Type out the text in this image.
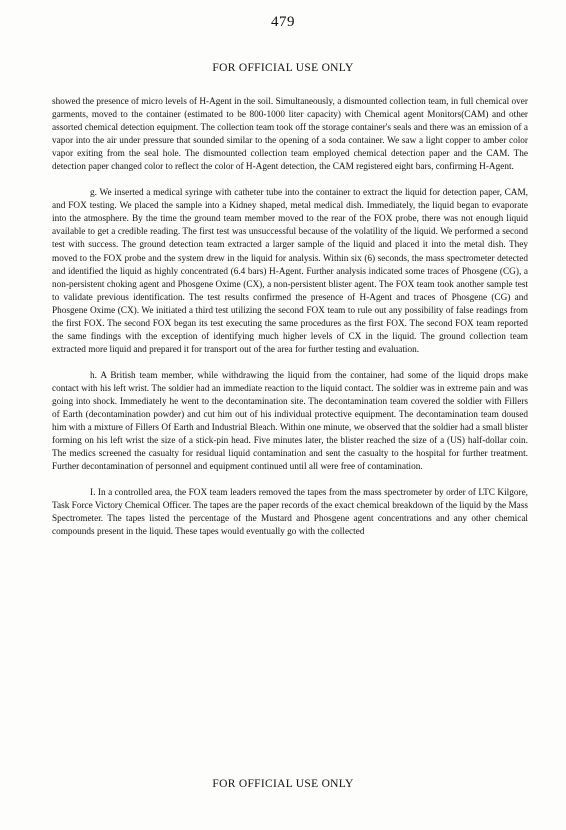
479
FOR OFFICIAL USE ONLY

showed the presence of micro levels of H-Agent in the soil. Simultaneously, a dismounted collection team, in full chemical over garments, moved to the container (estimated to be 800-1000 liter capacity) with Chemical agent Monitors(CAM) and other assorted chemical detection equipment. The collection team took off the storage container's seals and there was an emission of a vapor into the air under pressure that sounded similar to the opening of a soda container. We saw a light copper to amber color vapor exiting from the seal hole. The dismounted collection team employed chemical detection paper and the CAM. The detection paper changed color to reflect the color of H-Agent detection, the CAM registered eight bars, confirming H-Agent.

g. We inserted a medical syringe with catheter tube into the container to extract the liquid for detection paper, CAM, and FOX testing. We placed the sample into a Kidney shaped, metal medical dish. Immediately, the liquid began to evaporate into the atmosphere. By the time the ground team member moved to the rear of the FOX probe, there was not enough liquid available to get a credible reading. The first test was unsuccessful because of the volatility of the liquid. We performed a second test with success. The ground detection team extracted a larger sample of the liquid and placed it into the metal dish. They moved to the FOX probe and the system drew in the liquid for analysis. Within six (6) seconds, the mass spectrometer detected and identified the liquid as highly concentrated (6.4 bars) H-Agent. Further analysis indicated some traces of Phosgene (CG), a non-persistent choking agent and Phosgene Oxime (CX), a non-persistent blister agent. The FOX team took another sample test to validate previous identification. The test results confirmed the presence of H-Agent and traces of Phosgene (CG) and Phosgene Oxime (CX). We initiated a third test utilizing the second FOX team to rule out any possibility of false readings from the first FOX. The second FOX began its test executing the same procedures as the first FOX. The second FOX team reported the same findings with the exception of identifying much higher levels of CX in the liquid. The ground collection team extracted more liquid and prepared it for transport out of the area for further testing and evaluation.

h. A British team member, while withdrawing the liquid from the container, had some of the liquid drops make contact with his left wrist. The soldier had an immediate reaction to the liquid contact. The soldier was in extreme pain and was going into shock. Immediately he went to the decontamination site. The decontamination team covered the soldier with Fillers of Earth (decontamination powder) and cut him out of his individual protective equipment. The decontamination team doused him with a mixture of Fillers Of Earth and Industrial Bleach. Within one minute, we observed that the soldier had a small blister forming on his left wrist the size of a stick-pin head. Five minutes later, the blister reached the size of a (US) half-dollar coin. The medics screened the casualty for residual liquid contamination and sent the casualty to the hospital for further treatment. Further decontamination of personnel and equipment continued until all were free of contamination.

I. In a controlled area, the FOX team leaders removed the tapes from the mass spectrometer by order of LTC Kilgore, Task Force Victory Chemical Officer. The tapes are the paper records of the exact chemical breakdown of the liquid by the Mass Spectrometer. The tapes listed the percentage of the Mustard and Phosgene agent concentrations and any other chemical compounds present in the liquid. These tapes would eventually go with the collected

FOR OFFICIAL USE ONLY
